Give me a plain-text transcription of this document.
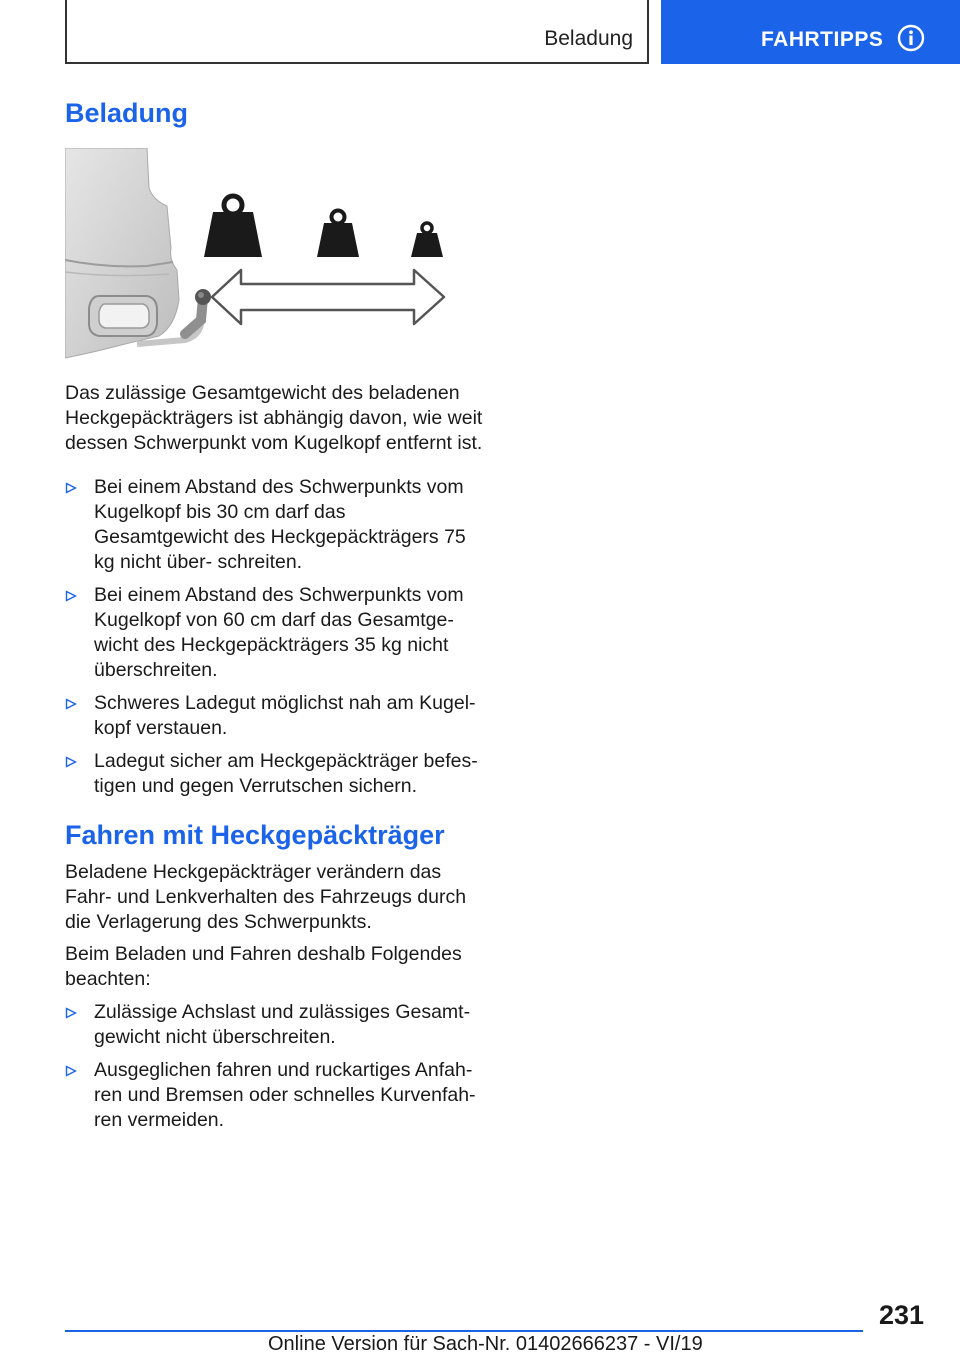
Beladung	FAHRTIPPS
Beladung
Das zulässige Gesamtgewicht des beladenen Heckgepäckträgers ist abhängig davon, wie weit dessen Schwerpunkt vom Kugelkopf entfernt ist.
Bei einem Abstand des Schwerpunkts vom Kugelkopf bis 30 cm darf das Gesamtgewicht des Heckgepäckträgers 75 kg nicht über‐ schreiten.
Bei einem Abstand des Schwerpunkts vom Kugelkopf von 60 cm darf das Gesamtge‐ wicht des Heckgepäckträgers 35 kg nicht überschreiten.
Schweres Ladegut möglichst nah am Kugel‐ kopf verstauen.
Ladegut sicher am Heckgepäckträger befes‐ tigen und gegen Verrutschen sichern.
Fahren mit Heckgepäckträger
Beladene Heckgepäckträger verändern das Fahr- und Lenkverhalten des Fahrzeugs durch die Verlagerung des Schwerpunkts.
Beim Beladen und Fahren deshalb Folgendes beachten:
Zulässige Achslast und zulässiges Gesamt‐ gewicht nicht überschreiten.
Ausgeglichen fahren und ruckartiges Anfah‐ ren und Bremsen oder schnelles Kurvenfah‐ ren vermeiden.
231
Online Version für Sach-Nr. 01402666237 - VI/19
